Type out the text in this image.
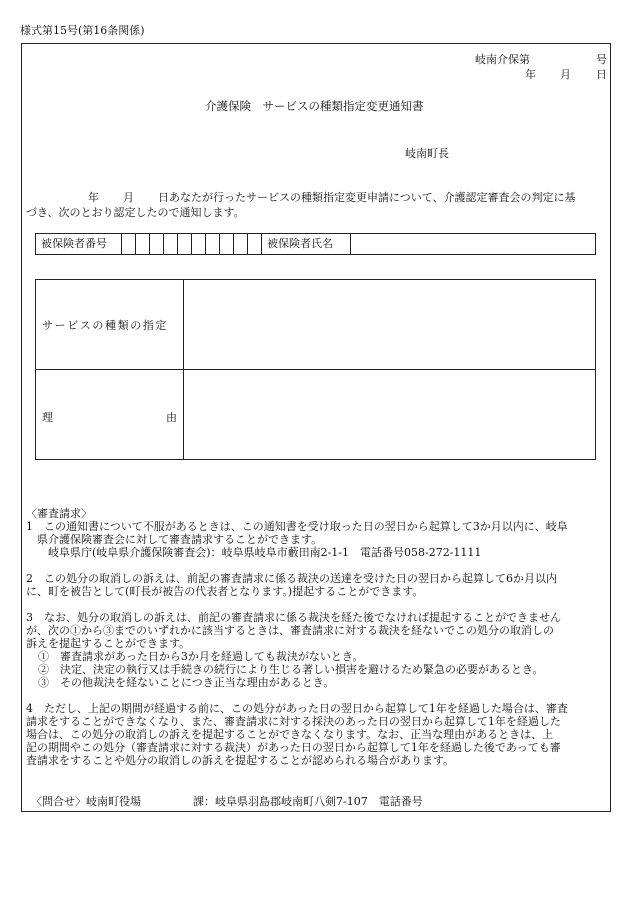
様式第15号(第16条関係)
岐南介保第	号
年 月 日
介護保険　サービスの種類指定変更通知書
岐南町長
年 月 日あなたが行ったサービスの種類指定変更申請について、介護認定審査会の判定に基
づき、次のとおり認定したので通知します。
被保険者番号	被保険者氏名
サービスの種類の指定
理	由

〈審査請求〉

1　この通知書について不服があるときは、この通知書を受け取った日の翌日から起算して3か月以内に、岐阜

県介護保険審査会に対して審査請求することができます。

岐阜県庁(岐阜県介護保険審査会)：岐阜県岐阜市藪田南2-1-1　電話番号058-272-1111

2　この処分の取消しの訴えは、前記の審査請求に係る裁決の送達を受けた日の翌日から起算して6か月以内

に、町を被告として(町長が被告の代表者となります。)提起することができます。

3　なお、処分の取消しの訴えは、前記の審査請求に係る裁決を経た後でなければ提起することができません

が、次の①から③までのいずれかに該当するときは、審査請求に対する裁決を経ないでこの処分の取消しの

訴えを提起することができます。

①　審査請求があった日から3か月を経過しても裁決がないとき。

②　決定、決定の執行又は手続きの続行により生じる著しい損害を避けるため緊急の必要があるとき。

③　その他裁決を経ないことにつき正当な理由があるとき。

4　ただし、上記の期間が経過する前に、この処分があった日の翌日から起算して1年を経過した場合は、審査

請求をすることができなくなり、また、審査請求に対する採決のあった日の翌日から起算して1年を経過した

場合は、この処分の取消しの訴えを提起することができなくなります。なお、正当な理由があるときは、上

記の期間やこの処分（審査請求に対する裁決）があった日の翌日から起算して1年を経過した後であっても審

査請求をすることや処分の取消しの訴えを提起することが認められる場合があります。

〈問合せ〉岐南町役場	課：岐阜県羽島郡岐南町八剣7-107　電話番号
